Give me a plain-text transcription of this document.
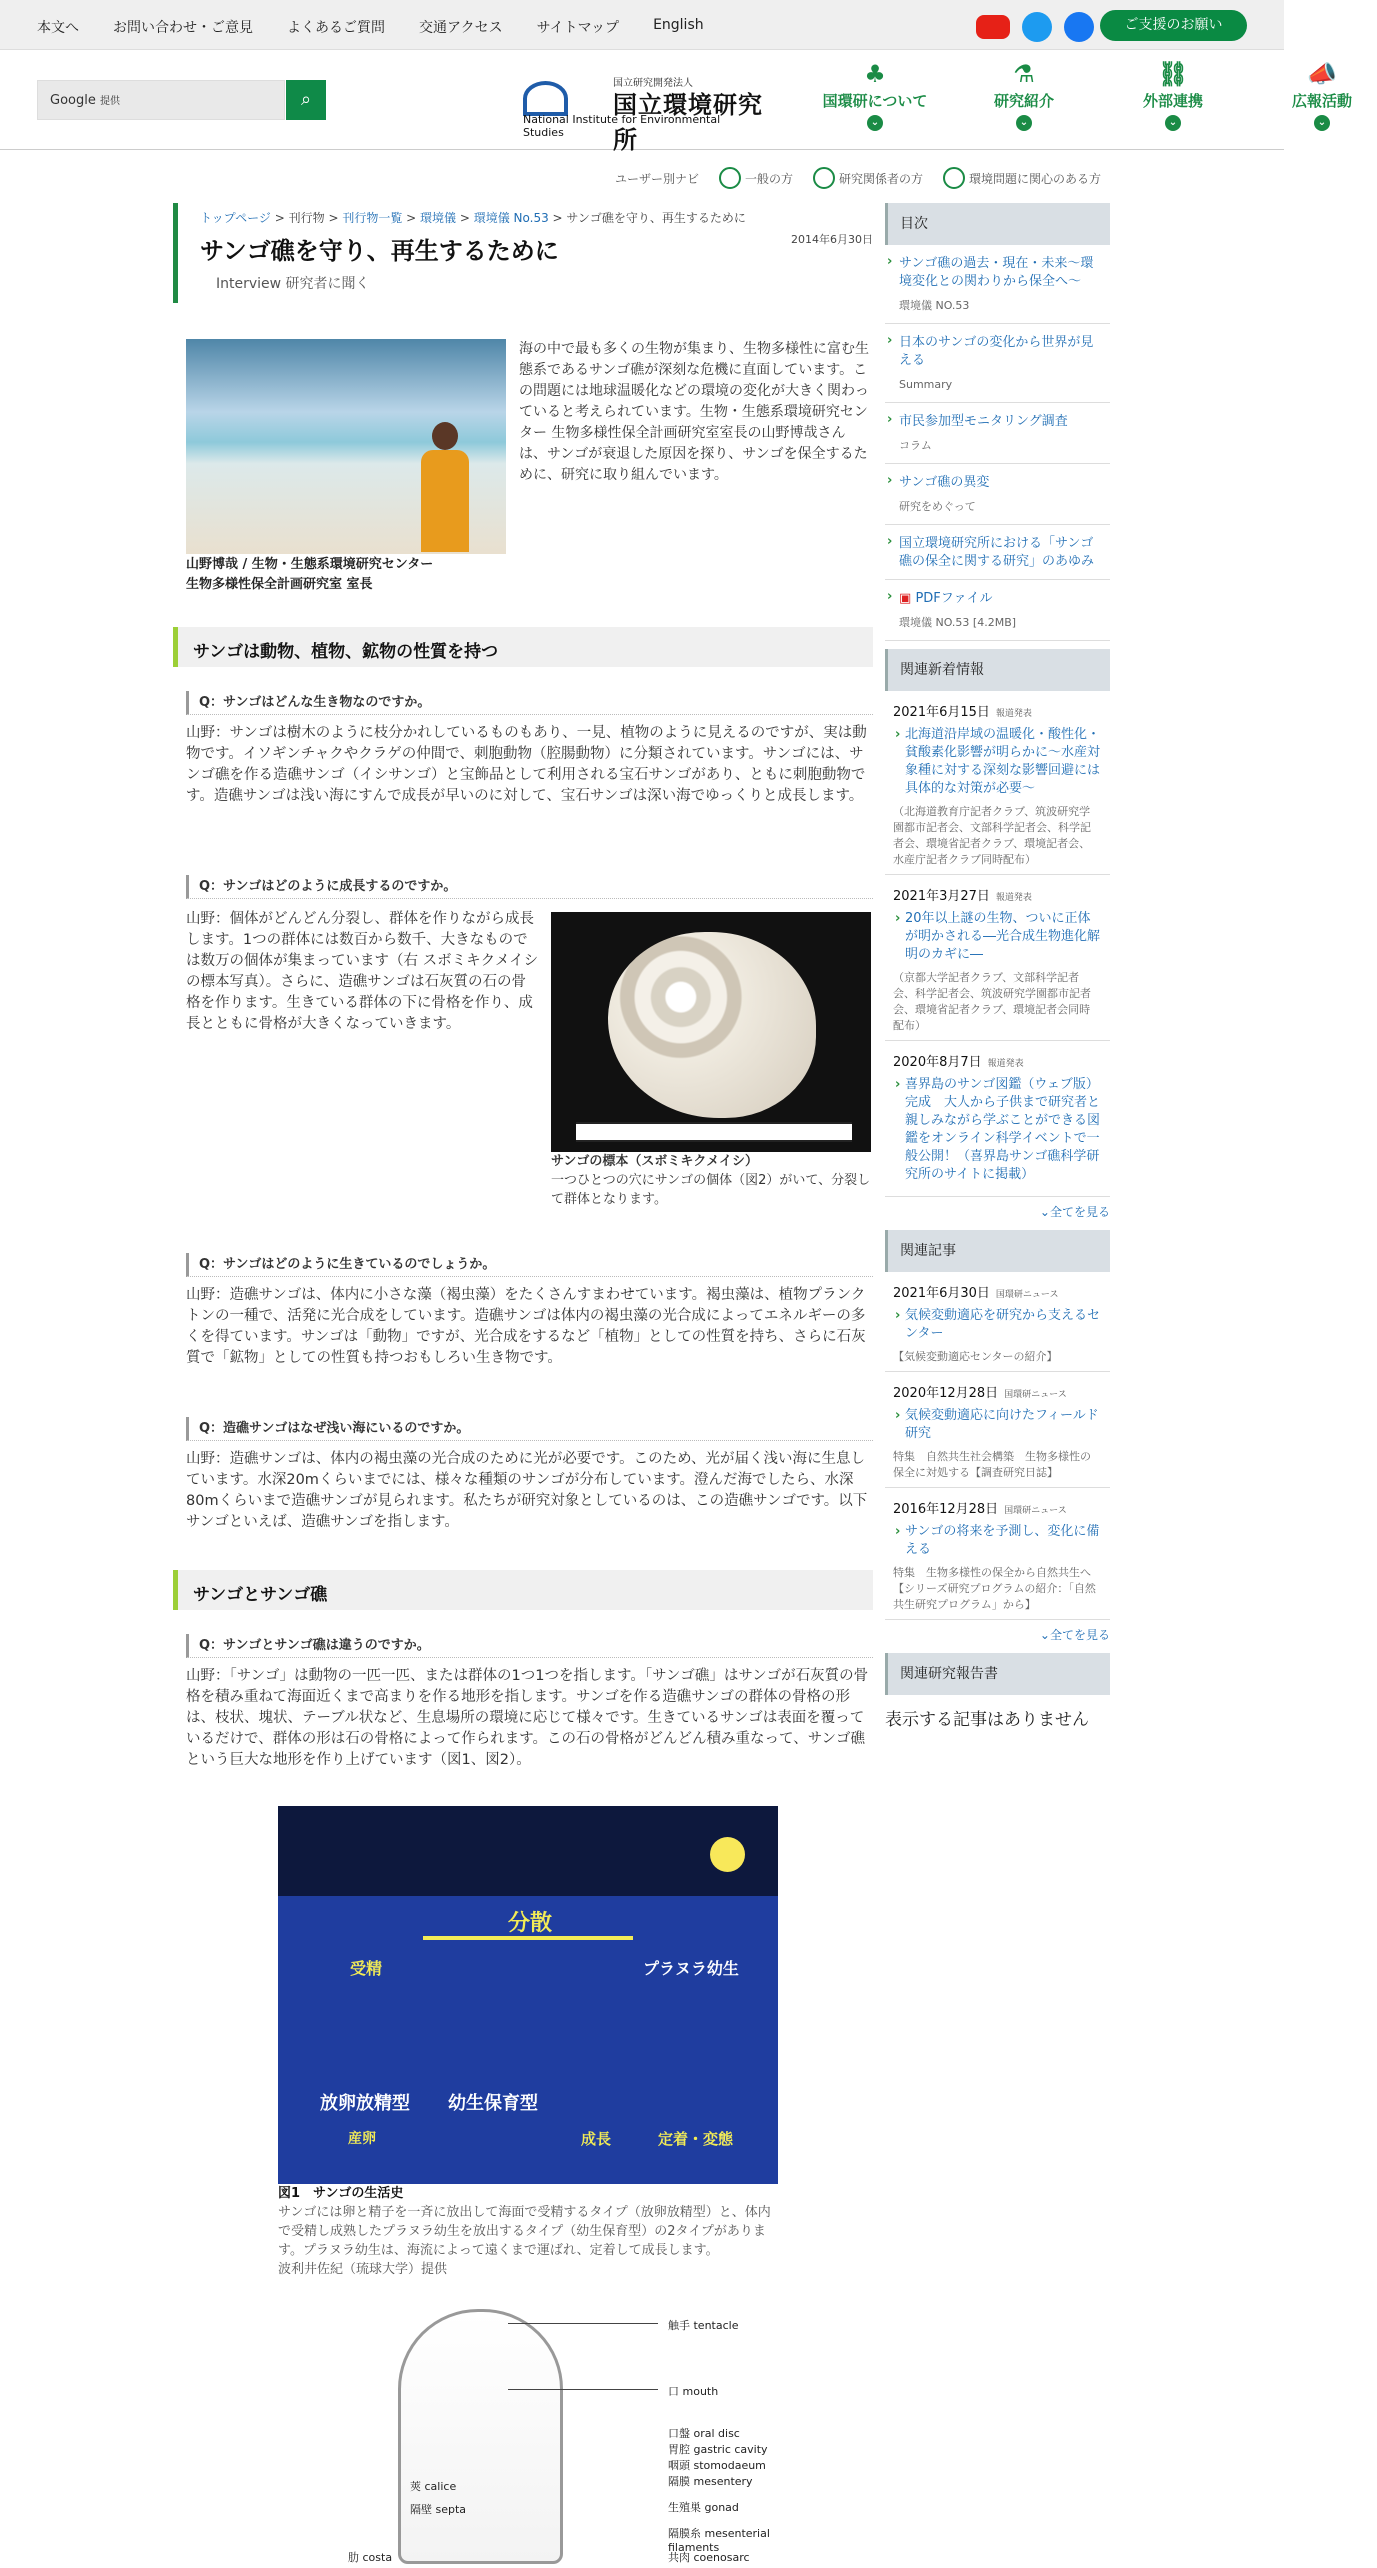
本文へ お問い合わせ・ご意見 よくあるご質問 交通アクセス サイトマップ English	ご支援のお願い
Google 提供	⌕
国立研究開発法人
国立環境研究所
National Institute for Environmental Studies
♣
国環研について
⌄
⚗
研究紹介
⌄
⛓
外部連携
⌄
📣
広報活動
⌄
ユーザー別ナビ	一般の方	研究関係者の方	環境問題に関心のある方
トップページ > 刊行物 > 刊行物一覧 > 環境儀 > 環境儀 No.53 > サンゴ礁を守り、再生するために
2014年6月30日
サンゴ礁を守り、再生するために
Interview 研究者に聞く
山野博哉 / 生物・生態系環境研究センター
生物多様性保全計画研究室 室長

海の中で最も多くの生物が集まり、生物多様性に富む生態系であるサンゴ礁が深刻な危機に直面しています。この問題には地球温暖化などの環境の変化が大きく関わっていると考えられています。生物・生態系環境研究センター 生物多様性保全計画研究室室長の山野博哉さんは、サンゴが衰退した原因を探り、サンゴを保全するために、研究に取り組んでいます。

サンゴは動物、植物、鉱物の性質を持つ
Q：サンゴはどんな生き物なのですか。

山野：サンゴは樹木のように枝分かれしているものもあり、一見、植物のように見えるのですが、実は動物です。イソギンチャクやクラゲの仲間で、刺胞動物（腔腸動物）に分類されています。サンゴには、サンゴ礁を作る造礁サンゴ（イシサンゴ）と宝飾品として利用される宝石サンゴがあり、ともに刺胞動物です。造礁サンゴは浅い海にすんで成長が早いのに対して、宝石サンゴは深い海でゆっくりと成長します。

Q：サンゴはどのように成長するのですか。

山野：個体がどんどん分裂し、群体を作りながら成長します。1つの群体には数百から数千、大きなものでは数万の個体が集まっています（右 スボミキクメイシの標本写真）。さらに、造礁サンゴは石灰質の石の骨格を作ります。生きている群体の下に骨格を作り、成長とともに骨格が大きくなっていきます。

サンゴの標本（スボミキクメイシ）
一つひとつの穴にサンゴの個体（図2）がいて、分裂して群体となります。
Q：サンゴはどのように生きているのでしょうか。

山野：造礁サンゴは、体内に小さな藻（褐虫藻）をたくさんすまわせています。褐虫藻は、植物プランクトンの一種で、活発に光合成をしています。造礁サンゴは体内の褐虫藻の光合成によってエネルギーの多くを得ています。サンゴは「動物」ですが、光合成をするなど「植物」としての性質を持ち、さらに石灰質で「鉱物」としての性質も持つおもしろい生き物です。

Q：造礁サンゴはなぜ浅い海にいるのですか。

山野：造礁サンゴは、体内の褐虫藻の光合成のために光が必要です。このため、光が届く浅い海に生息しています。水深20mくらいまでには、様々な種類のサンゴが分布しています。澄んだ海でしたら、水深80mくらいまで造礁サンゴが見られます。私たちが研究対象としているのは、この造礁サンゴです。以下サンゴといえば、造礁サンゴを指します。

サンゴとサンゴ礁
Q：サンゴとサンゴ礁は違うのですか。

山野：「サンゴ」は動物の一匹一匹、または群体の1つ1つを指します。「サンゴ礁」はサンゴが石灰質の骨格を積み重ねて海面近くまで高まりを作る地形を指します。サンゴを作る造礁サンゴの群体の骨格の形は、枝状、塊状、テーブル状など、生息場所の環境に応じて様々です。生きているサンゴは表面を覆っているだけで、群体の形は石の骨格によって作られます。この石の骨格がどんどん積み重なって、サンゴ礁という巨大な地形を作り上げています（図1、図2）。

分散
受精	プラヌラ幼生
放卵放精型 幼生保育型
産卵	成長	定着・変態
図1　サンゴの生活史
サンゴには卵と精子を一斉に放出して海面で受精するタイプ（放卵放精型）と、体内で受精し成熟したプラヌラ幼生を放出するタイプ（幼生保育型）の2タイプがあります。プラヌラ幼生は、海流によって遠くまで運ばれ、定着して成長します。
波利井佐紀（琉球大学）提供
触手 tentacle
口 mouth
口盤 oral disc
胃腔 gastric cavity
咽頭 stomodaeum
隔膜 mesentery
生殖巣 gonad
隔膜糸 mesenterial filaments
共肉 coenosarc
莢 calice
隔壁 septa
肋 costa
目次
› サンゴ礁の過去・現在・未来～環境変化との関わりから保全へ～
環境儀 NO.53
› 日本のサンゴの変化から世界が見える
Summary
› 市民参加型モニタリング調査
コラム
› サンゴ礁の異変
研究をめぐって
› 国立環境研究所における「サンゴ礁の保全に関する研究」のあゆみ
› ▣ PDFファイル
環境儀 NO.53 [4.2MB]
関連新着情報
2021年6月15日 報道発表
› 北海道沿岸域の温暖化・酸性化・貧酸素化影響が明らかに～水産対象種に対する深刻な影響回避には具体的な対策が必要～
（北海道教育庁記者クラブ、筑波研究学園都市記者会、文部科学記者会、科学記者会、環境省記者クラブ、環境記者会、水産庁記者クラブ同時配布）
2021年3月27日 報道発表
› 20年以上謎の生物、ついに正体が明かされる―光合成生物進化解明のカギに―
（京都大学記者クラブ、文部科学記者会、科学記者会、筑波研究学園都市記者会、環境省記者クラブ、環境記者会同時配布）
2020年8月7日 報道発表
› 喜界島のサンゴ図鑑（ウェブ版）完成　大人から子供まで研究者と親しみながら学ぶことができる図鑑をオンライン科学イベントで一般公開！（喜界島サンゴ礁科学研究所のサイトに掲載）
⌄全てを見る
関連記事
2021年6月30日 国環研ニュース
› 気候変動適応を研究から支えるセンター
【気候変動適応センターの紹介】
2020年12月28日 国環研ニュース
› 気候変動適応に向けたフィールド研究
特集　自然共生社会構築　生物多様性の保全に対処する【調査研究日誌】
2016年12月28日 国環研ニュース
› サンゴの将来を予測し、変化に備える
特集　生物多様性の保全から自然共生へ【シリーズ研究プログラムの紹介：「自然共生研究プログラム」から】
⌄全てを見る
関連研究報告書
表示する記事はありません
